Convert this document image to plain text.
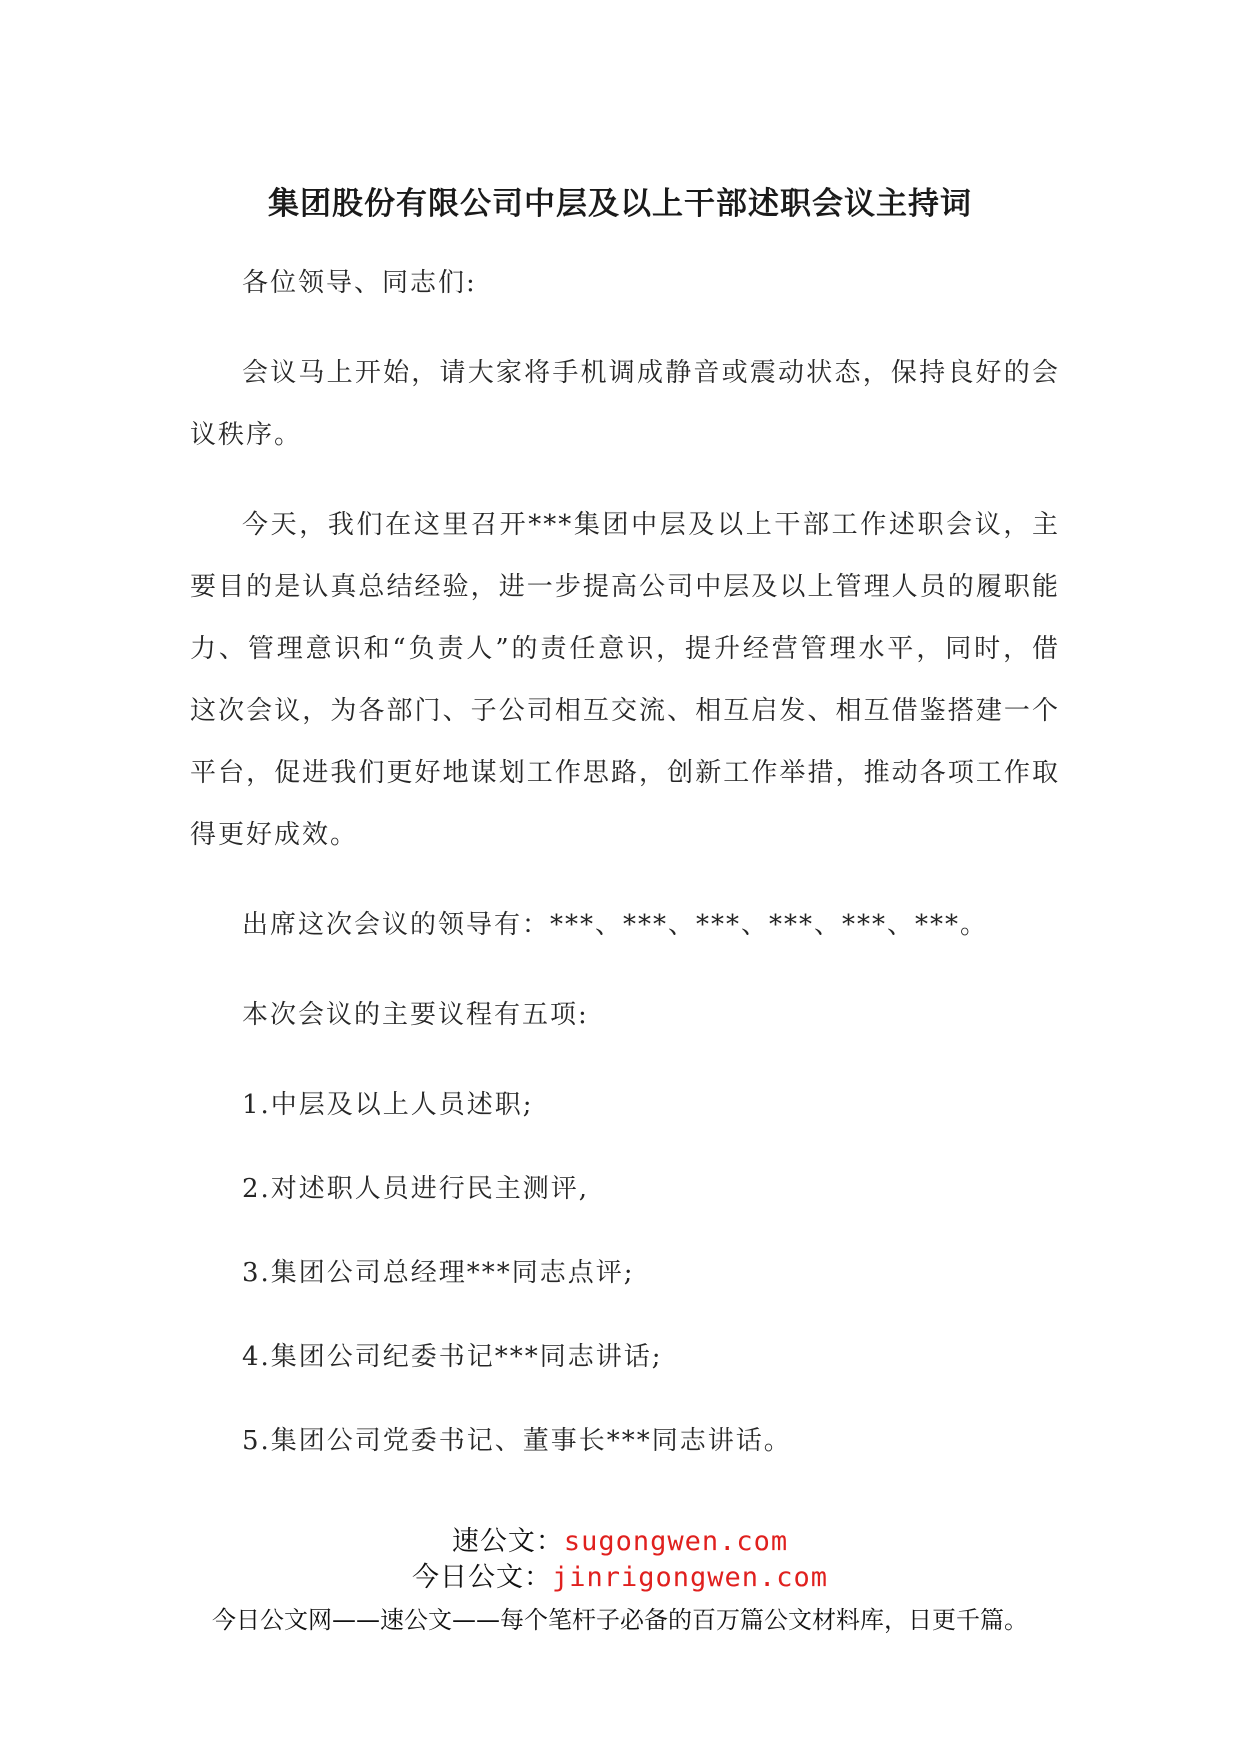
集团股份有限公司中层及以上干部述职会议主持词

各位领导、同志们:

会议马上开始，请大家将手机调成静音或震动状态，保持良好的会议秩序。

今天，我们在这里召开***集团中层及以上干部工作述职会议，主要目的是认真总结经验，进一步提高公司中层及以上管理人员的履职能力、管理意识和“负责人”的责任意识，提升经营管理水平，同时，借这次会议，为各部门、子公司相互交流、相互启发、相互借鉴搭建一个平台，促进我们更好地谋划工作思路，创新工作举措，推动各项工作取得更好成效。

出席这次会议的领导有：***、***、***、***、***、***。

本次会议的主要议程有五项:

1.中层及以上人员述职;

2.对述职人员进行民主测评,

3.集团公司总经理***同志点评;

4.集团公司纪委书记***同志讲话;

5.集团公司党委书记、董事长***同志讲话。

速公文：sugongwen.com
今日公文：jinrigongwen.com
今日公文网——速公文——每个笔杆子必备的百万篇公文材料库，日更千篇。
